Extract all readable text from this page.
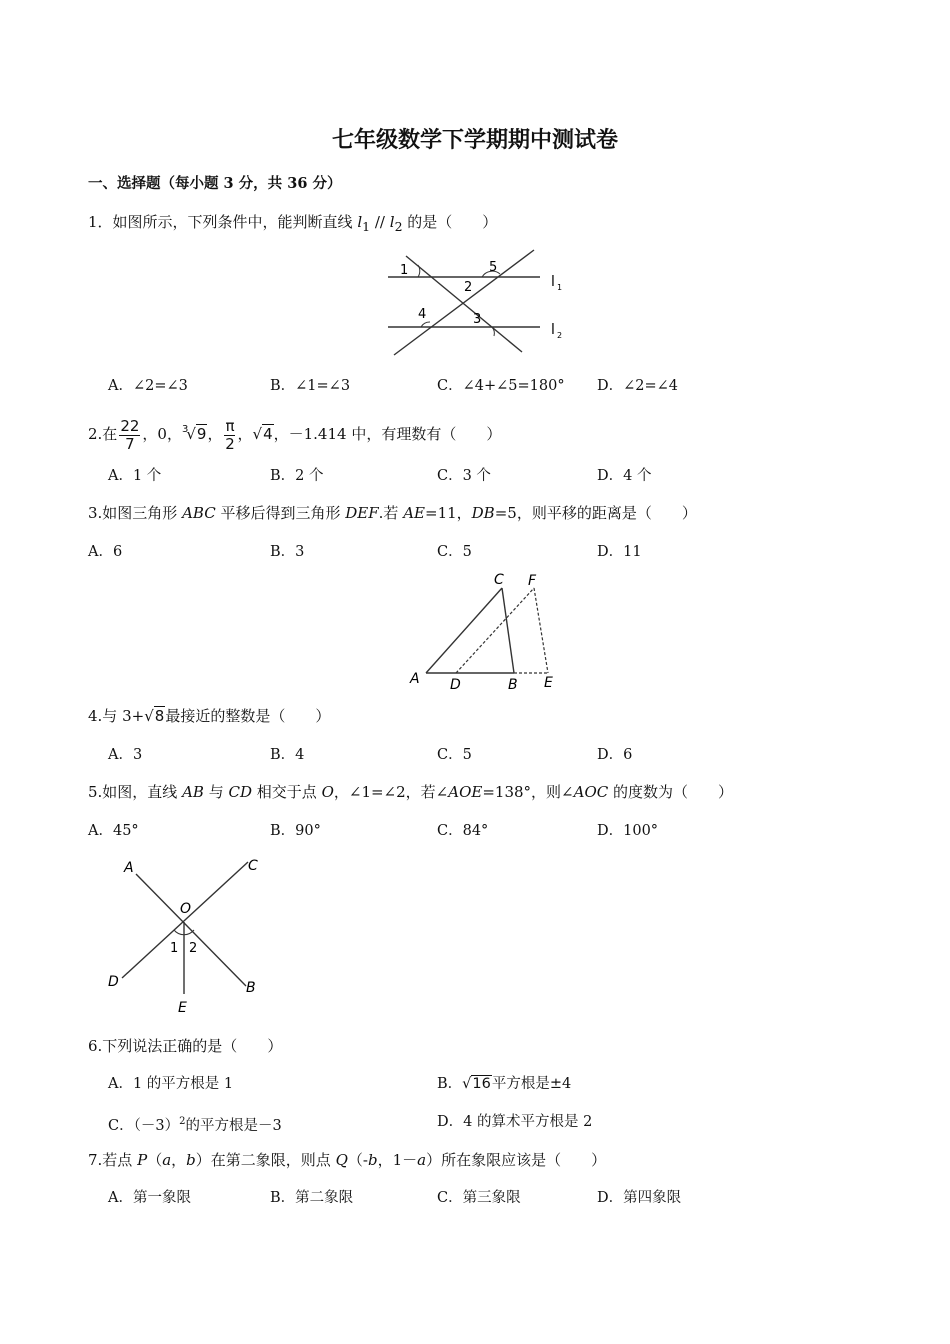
七年级数学下学期期中测试卷
一、选择题（每小题 3 分，共 36 分）
1．如图所示，下列条件中，能判断直线 $l_1 // l_2$ 的是（　　）
1
2
3
4
5
l 1
l 2
A．∠2=∠3	B．∠1=∠3	C．∠4+∠5=180° D．∠2=∠4
2.在 $\frac{22}{7}$ ，0，$^3$√9， $\frac{\pi}{2}$ ，√4，－1.414 中，有理数有（　　）
A．1 个	B．2 个	C．3 个	D．4 个
3.如图三角形 ABC 平移后得到三角形 DEF.若 AE=11，DB=5，则平移的距离是（　　）
A．6	B．3	C．5	D．11
A D	B E
C F
4.与 3+√8最接近的整数是（　　）
A．3	B．4	C．5	D．6
5.如图，直线 AB 与 CD 相交于点 O，∠1=∠2，若∠AOE=138°，则∠AOC 的度数为（　　）
A．45°	B．90°	C．84°	D．100°
A	C
O
D	B
E
1 2
6.下列说法正确的是（　　）
A．1 的平方根是 1	B．√16平方根是±4
C．$(-3)^2$的平方根是－3	D．4 的算术平方根是 2
7.若点 P（a，b）在第二象限，则点 Q（-b，1－a）所在象限应该是（　　）
A．第一象限	B．第二象限	C．第三象限	D．第四象限
